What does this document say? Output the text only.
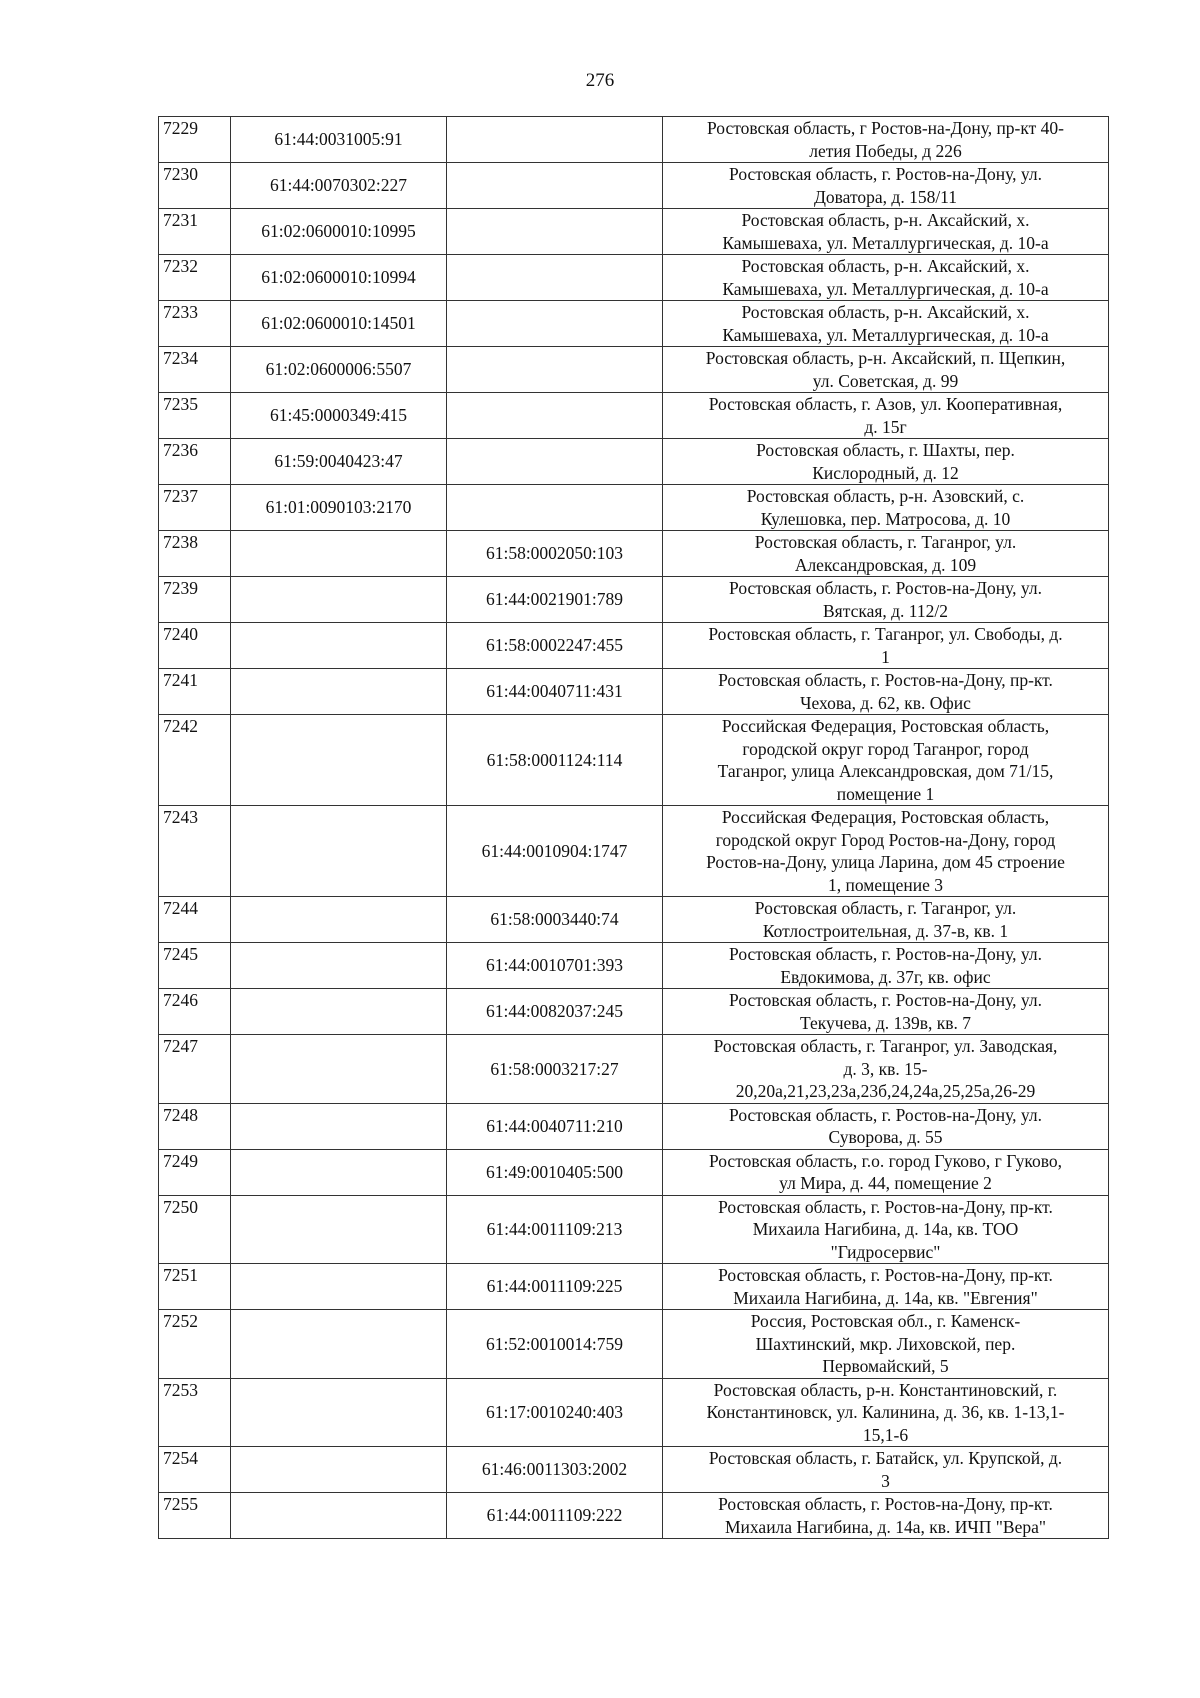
276
7229	61:44:0031005:91		Ростовская область, г Ростов-на-Дону, пр-кт 40-
летия Победы, д 226

7230	61:44:0070302:227		Ростовская область, г. Ростов-на-Дону, ул.
Доватора, д. 158/11

7231	61:02:0600010:10995		Ростовская область, р-н. Аксайский, х.
Камышеваха, ул. Металлургическая, д. 10-а

7232	61:02:0600010:10994		Ростовская область, р-н. Аксайский, х.
Камышеваха, ул. Металлургическая, д. 10-а

7233	61:02:0600010:14501		Ростовская область, р-н. Аксайский, х.
Камышеваха, ул. Металлургическая, д. 10-а

7234	61:02:0600006:5507		Ростовская область, р-н. Аксайский, п. Щепкин,
ул. Советская, д. 99

7235	61:45:0000349:415		Ростовская область, г. Азов, ул. Кооперативная,
д. 15г

7236	61:59:0040423:47		Ростовская область, г. Шахты, пер.
Кислородный, д. 12

7237	61:01:0090103:2170		Ростовская область, р-н. Азовский, с.
Кулешовка, пер. Матросова, д. 10

7238		61:58:0002050:103	Ростовская область, г. Таганрог, ул.
Александровская, д. 109

7239		61:44:0021901:789	Ростовская область, г. Ростов-на-Дону, ул.
Вятская, д. 112/2

7240		61:58:0002247:455	Ростовская область, г. Таганрог, ул. Свободы, д.
1

7241		61:44:0040711:431	Ростовская область, г. Ростов-на-Дону, пр-кт.
Чехова, д. 62, кв. Офис

7242		61:58:0001124:114	Российская Федерация, Ростовская область,
городской округ город Таганрог, город
Таганрог, улица Александровская, дом 71/15,
помещение 1

7243		61:44:0010904:1747	Российская Федерация, Ростовская область,
городской округ Город Ростов-на-Дону, город
Ростов-на-Дону, улица Ларина, дом 45 строение
1, помещение 3

7244		61:58:0003440:74	Ростовская область, г. Таганрог, ул.
Котлостроительная, д. 37-в, кв. 1

7245		61:44:0010701:393	Ростовская область, г. Ростов-на-Дону, ул.
Евдокимова, д. 37г, кв. офис

7246		61:44:0082037:245	Ростовская область, г. Ростов-на-Дону, ул.
Текучева, д. 139в, кв. 7

7247		61:58:0003217:27	Ростовская область, г. Таганрог, ул. Заводская,
д. 3, кв. 15-
20,20а,21,23,23а,23б,24,24а,25,25а,26-29

7248		61:44:0040711:210	Ростовская область, г. Ростов-на-Дону, ул.
Суворова, д. 55

7249		61:49:0010405:500	Ростовская область, г.о. город Гуково, г Гуково,
ул Мира, д. 44, помещение 2

7250		61:44:0011109:213	Ростовская область, г. Ростов-на-Дону, пр-кт.
Михаила Нагибина, д. 14а, кв. ТОО
"Гидросервис"

7251		61:44:0011109:225	Ростовская область, г. Ростов-на-Дону, пр-кт.
Михаила Нагибина, д. 14а, кв. "Евгения"

7252		61:52:0010014:759	Россия, Ростовская обл., г. Каменск-
Шахтинский, мкр. Лиховской, пер.
Первомайский, 5

7253		61:17:0010240:403	Ростовская область, р-н. Константиновский, г.
Константиновск, ул. Калинина, д. 36, кв. 1-13,1-
15,1-6

7254		61:46:0011303:2002	Ростовская область, г. Батайск, ул. Крупской, д.
3

7255		61:44:0011109:222	Ростовская область, г. Ростов-на-Дону, пр-кт.
Михаила Нагибина, д. 14а, кв. ИЧП "Вера"
